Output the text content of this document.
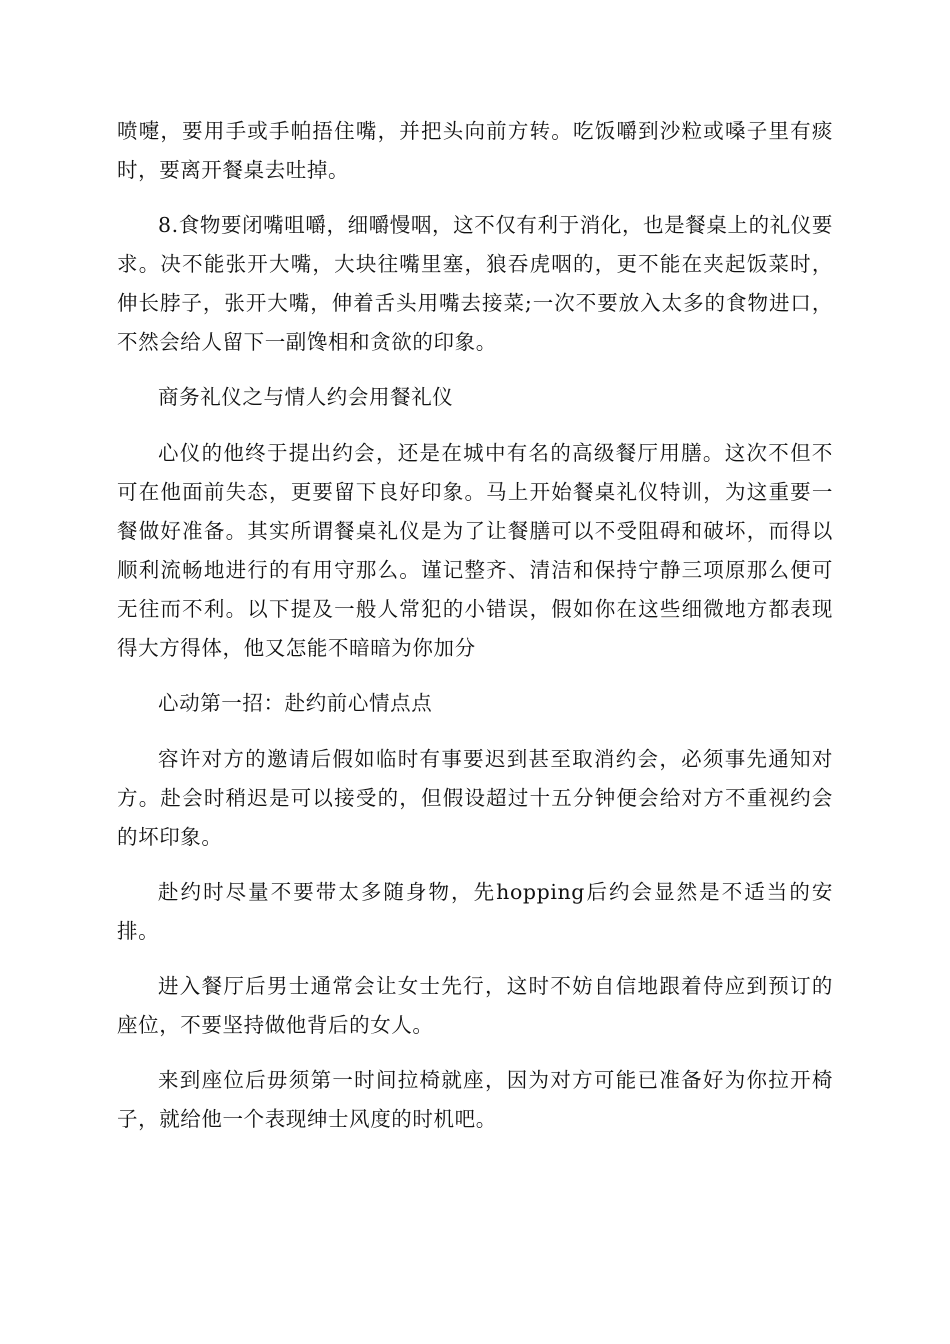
喷嚏，要用手或手帕捂住嘴，并把头向前方转。吃饭嚼到沙粒或嗓子里有痰时，要离开餐桌去吐掉。

8.食物要闭嘴咀嚼，细嚼慢咽，这不仅有利于消化，也是餐桌上的礼仪要求。决不能张开大嘴，大块往嘴里塞，狼吞虎咽的，更不能在夹起饭菜时，伸长脖子，张开大嘴，伸着舌头用嘴去接菜;一次不要放入太多的食物进口，不然会给人留下一副馋相和贪欲的印象。

商务礼仪之与情人约会用餐礼仪

心仪的他终于提出约会，还是在城中有名的高级餐厅用膳。这次不但不可在他面前失态，更要留下良好印象。马上开始餐桌礼仪特训，为这重要一餐做好准备。其实所谓餐桌礼仪是为了让餐膳可以不受阻碍和破坏，而得以顺利流畅地进行的有用守那么。谨记整齐、清洁和保持宁静三项原那么便可无往而不利。以下提及一般人常犯的小错误，假如你在这些细微地方都表现得大方得体，他又怎能不暗暗为你加分

心动第一招：赴约前心情点点

容许对方的邀请后假如临时有事要迟到甚至取消约会，必须事先通知对方。赴会时稍迟是可以接受的，但假设超过十五分钟便会给对方不重视约会的坏印象。

赴约时尽量不要带太多随身物，先hopping后约会显然是不适当的安排。

进入餐厅后男士通常会让女士先行，这时不妨自信地跟着侍应到预订的座位，不要坚持做他背后的女人。

来到座位后毋须第一时间拉椅就座，因为对方可能已准备好为你拉开椅子，就给他一个表现绅士风度的时机吧。
